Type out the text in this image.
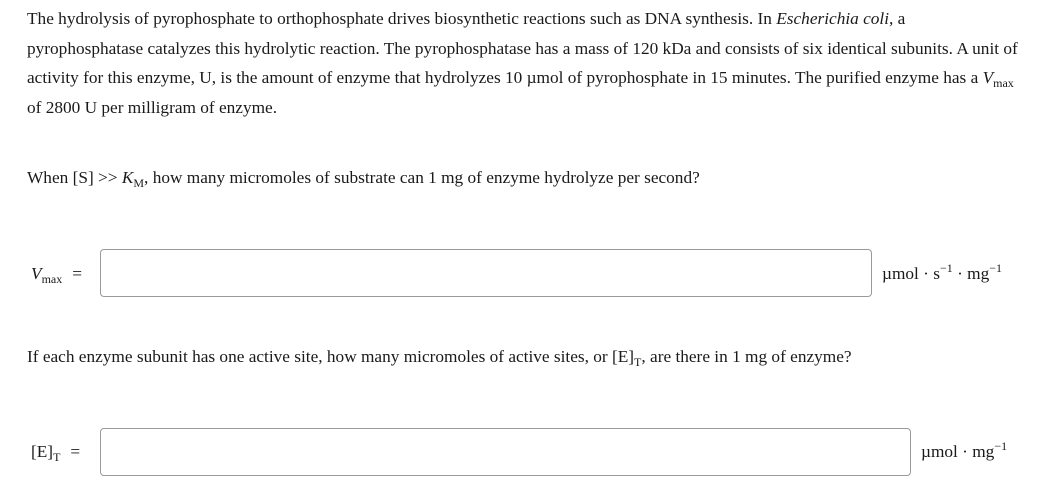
The hydrolysis of pyrophosphate to orthophosphate drives biosynthetic reactions such as DNA synthesis. In Escherichia coli, a pyrophosphatase catalyzes this hydrolytic reaction. The pyrophosphatase has a mass of 120 kDa and consists of six identical subunits. A unit of activity for this enzyme, U, is the amount of enzyme that hydrolyzes 10 µmol of pyrophosphate in 15 minutes. The purified enzyme has a $V_{max}$ of 2800 U per milligram of enzyme.
When $[S] >> K_M$, how many micromoles of substrate can 1 mg of enzyme hydrolyze per second?
$V_{max}$ =	$\mu mol \cdot s^{-1} \cdot mg^{-1}$
If each enzyme subunit has one active site, how many micromoles of active sites, or $[E]_T$, are there in 1 mg of enzyme?
$[E]_T$ =	$\mu mol \cdot mg^{-1}$
